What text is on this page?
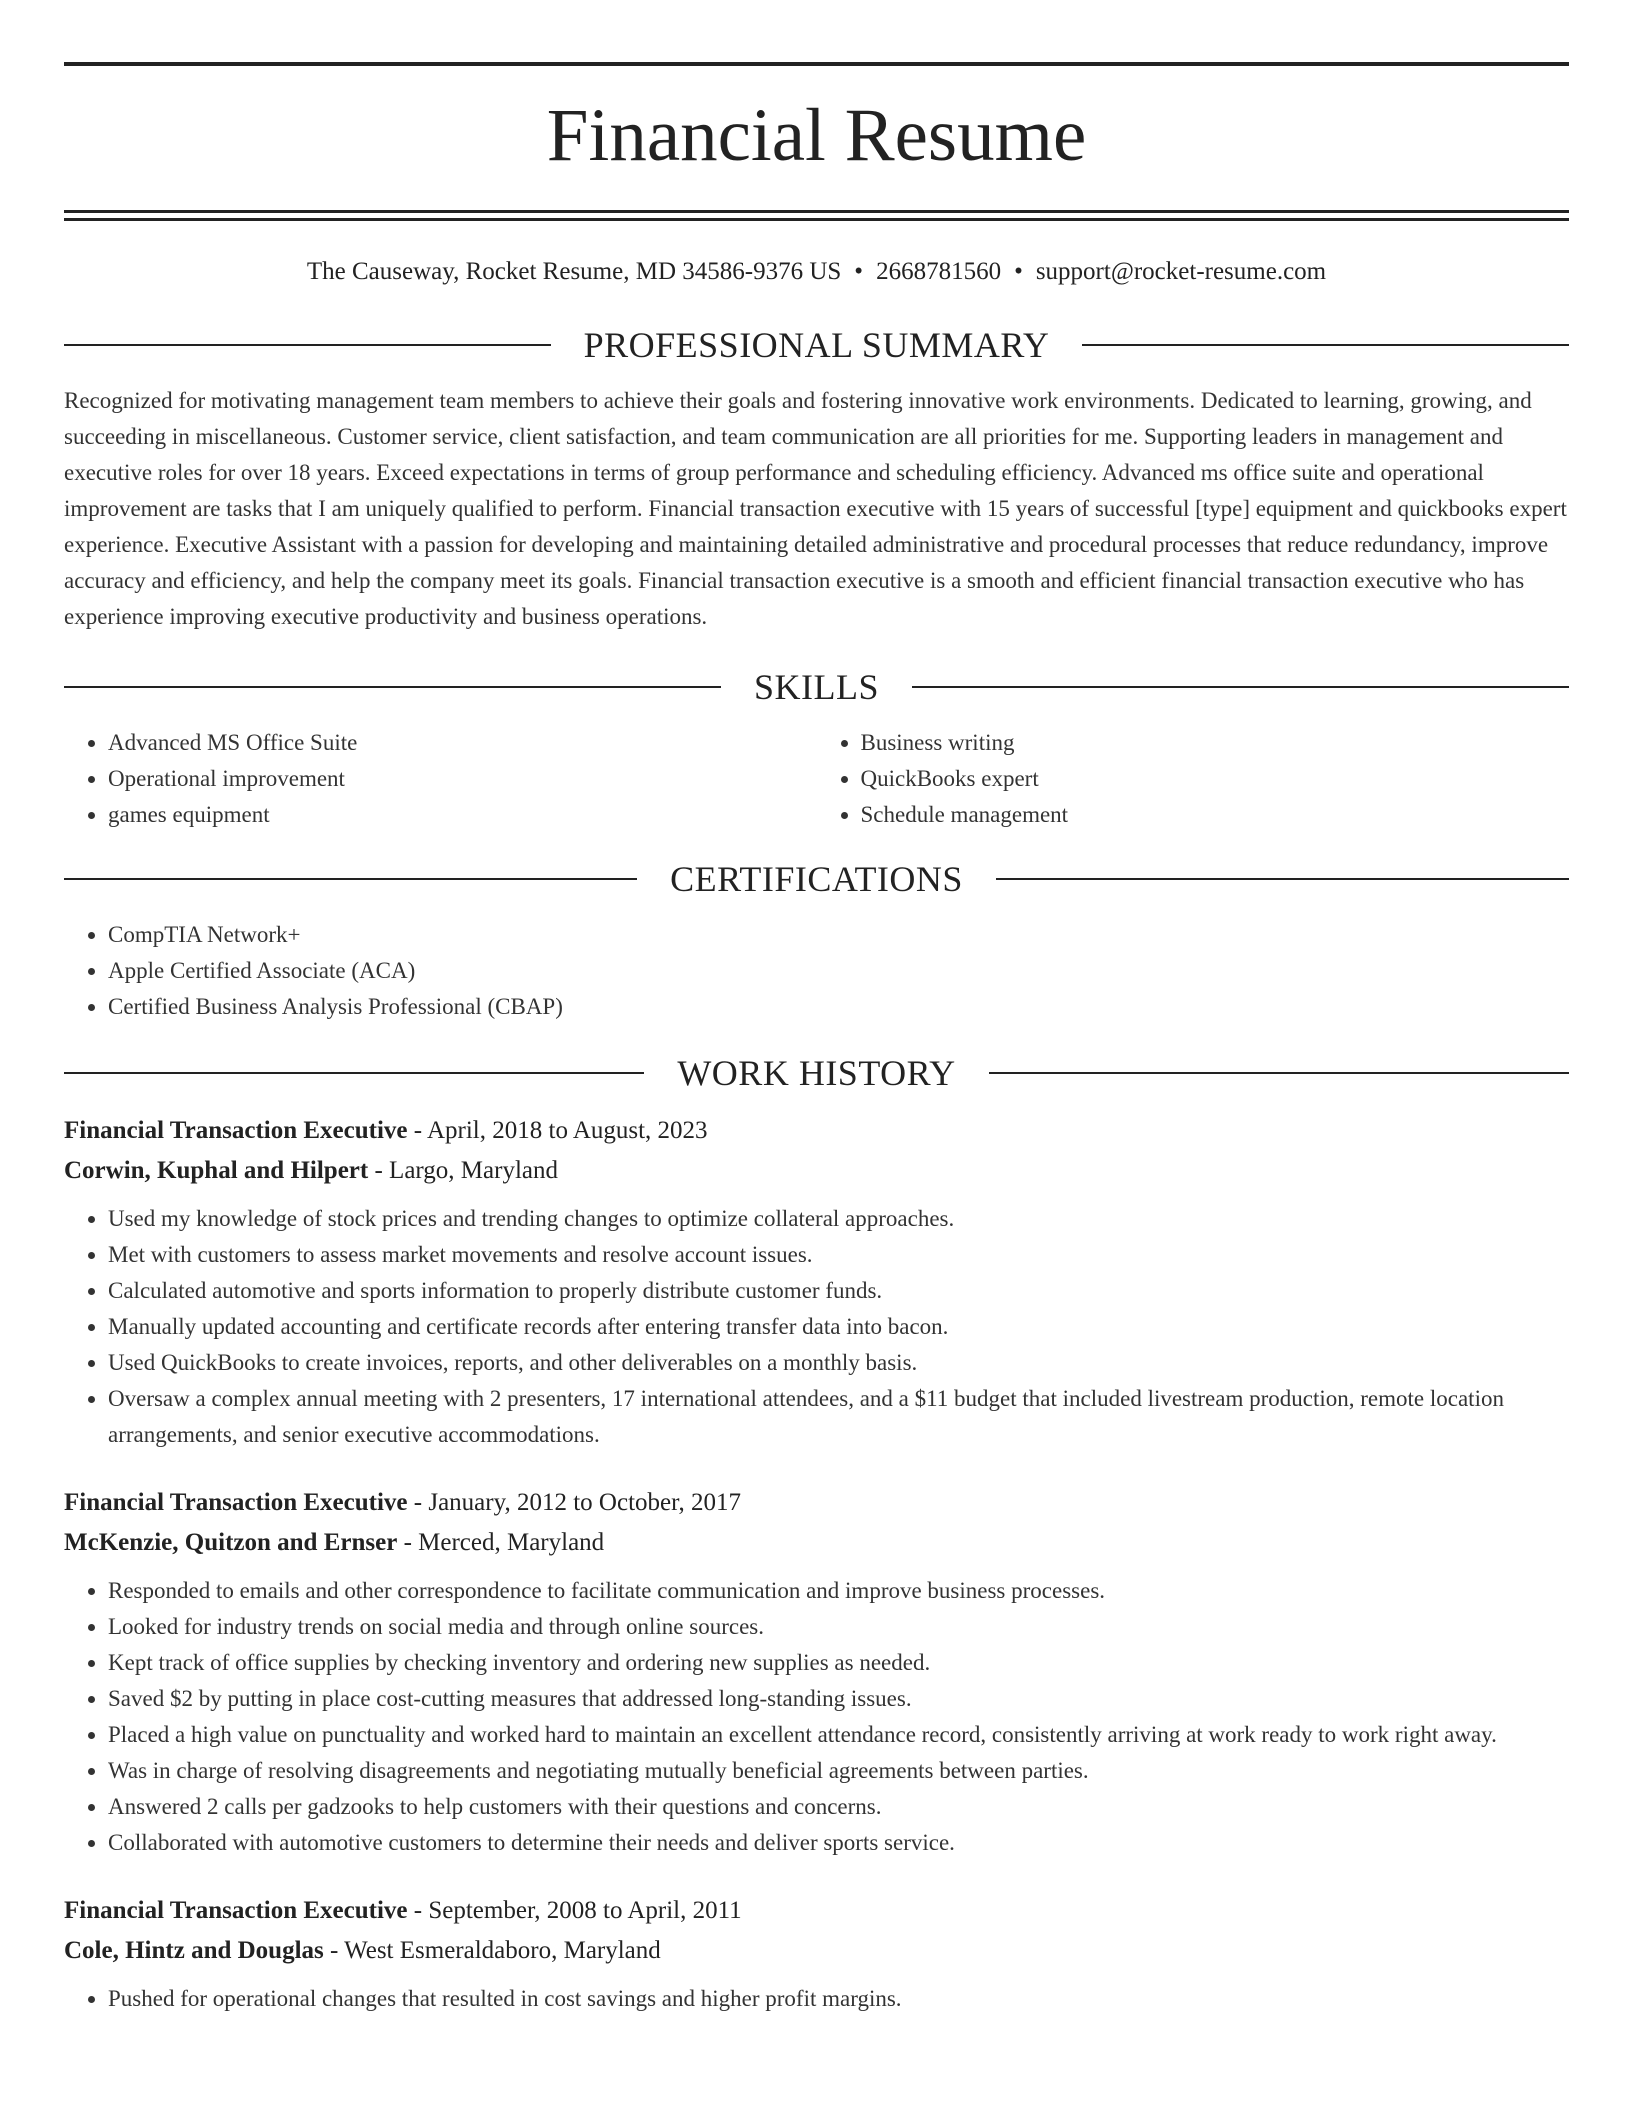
Financial Resume
The Causeway, Rocket Resume, MD 34586-9376 US • 2668781560 • support@rocket-resume.com
PROFESSIONAL SUMMARY

Recognized for motivating management team members to achieve their goals and fostering innovative work environments. Dedicated to learning, growing, and succeeding in miscellaneous. Customer service, client satisfaction, and team communication are all priorities for me. Supporting leaders in management and executive roles for over 18 years. Exceed expectations in terms of group performance and scheduling efficiency. Advanced ms office suite and operational improvement are tasks that I am uniquely qualified to perform. Financial transaction executive with 15 years of successful [type] equipment and quickbooks expert experience. Executive Assistant with a passion for developing and maintaining detailed administrative and procedural processes that reduce redundancy, improve accuracy and efficiency, and help the company meet its goals. Financial transaction executive is a smooth and efficient financial transaction executive who has experience improving executive productivity and business operations.

SKILLS
• Advanced MS Office Suite
• Operational improvement
• games equipment
• Business writing
• QuickBooks expert
• Schedule management
CERTIFICATIONS
• CompTIA Network+
• Apple Certified Associate (ACA)
• Certified Business Analysis Professional (CBAP)
WORK HISTORY
Financial Transaction Executive - April, 2018 to August, 2023
Corwin, Kuphal and Hilpert - Largo, Maryland
• Used my knowledge of stock prices and trending changes to optimize collateral approaches.
• Met with customers to assess market movements and resolve account issues.
• Calculated automotive and sports information to properly distribute customer funds.
• Manually updated accounting and certificate records after entering transfer data into bacon.
• Used QuickBooks to create invoices, reports, and other deliverables on a monthly basis.
• Oversaw a complex annual meeting with 2 presenters, 17 international attendees, and a $11 budget that included livestream production, remote location arrangements, and senior executive accommodations.
Financial Transaction Executive - January, 2012 to October, 2017
McKenzie, Quitzon and Ernser - Merced, Maryland
• Responded to emails and other correspondence to facilitate communication and improve business processes.
• Looked for industry trends on social media and through online sources.
• Kept track of office supplies by checking inventory and ordering new supplies as needed.
• Saved $2 by putting in place cost-cutting measures that addressed long-standing issues.
• Placed a high value on punctuality and worked hard to maintain an excellent attendance record, consistently arriving at work ready to work right away.
• Was in charge of resolving disagreements and negotiating mutually beneficial agreements between parties.
• Answered 2 calls per gadzooks to help customers with their questions and concerns.
• Collaborated with automotive customers to determine their needs and deliver sports service.
Financial Transaction Executive - September, 2008 to April, 2011
Cole, Hintz and Douglas - West Esmeraldaboro, Maryland
• Pushed for operational changes that resulted in cost savings and higher profit margins.
